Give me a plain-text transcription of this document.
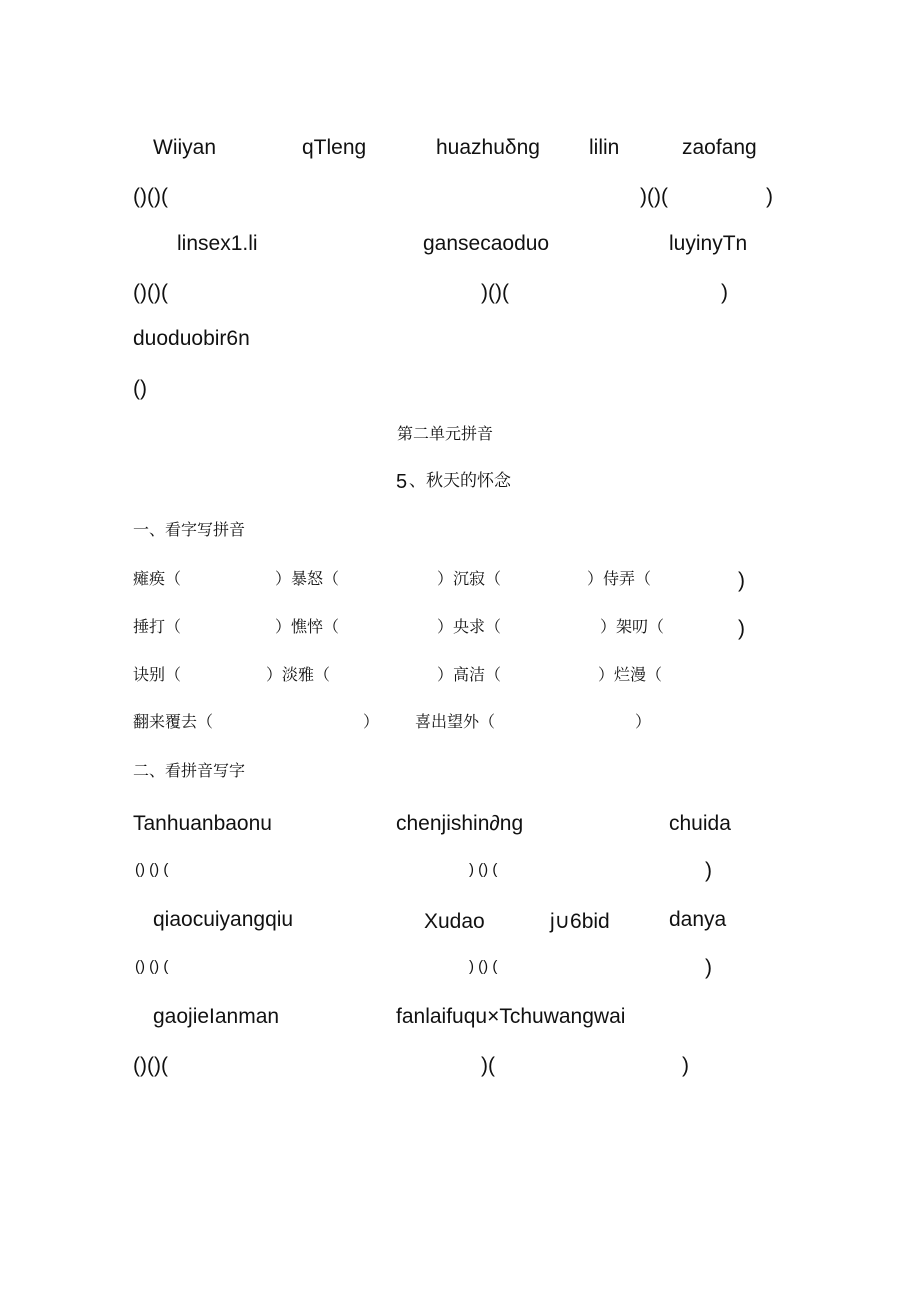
Wiiyan	qTleng	huazhuδng lilin	zaofang
()()(	)()(	)
linsex1.li	gansecaoduo	luyinyTn
()()(	)()(	)
duoduobir6n
()
第二单元拼音
5 、秋天的怀念
一、看字写拼音
瘫痪（	）暴怒（	）沉寂（	）侍弄（	)
捶打（	）憔悴（	）央求（	）架叨（	)
诀别（	）淡雅（	）高洁（	）烂漫（
翻来覆去（	） 喜出望外（	）
二、看拼音写字
Tanhuanbaonu	chenjishin∂ng	chuida
() () (	) () (	)
qiaocuiyangqiu	Xudao	j∪6bid	danya
() () (	) () (	)
gaojieIanman	fanlaifuqu×Tchuwangwai
()()(	)(	)
